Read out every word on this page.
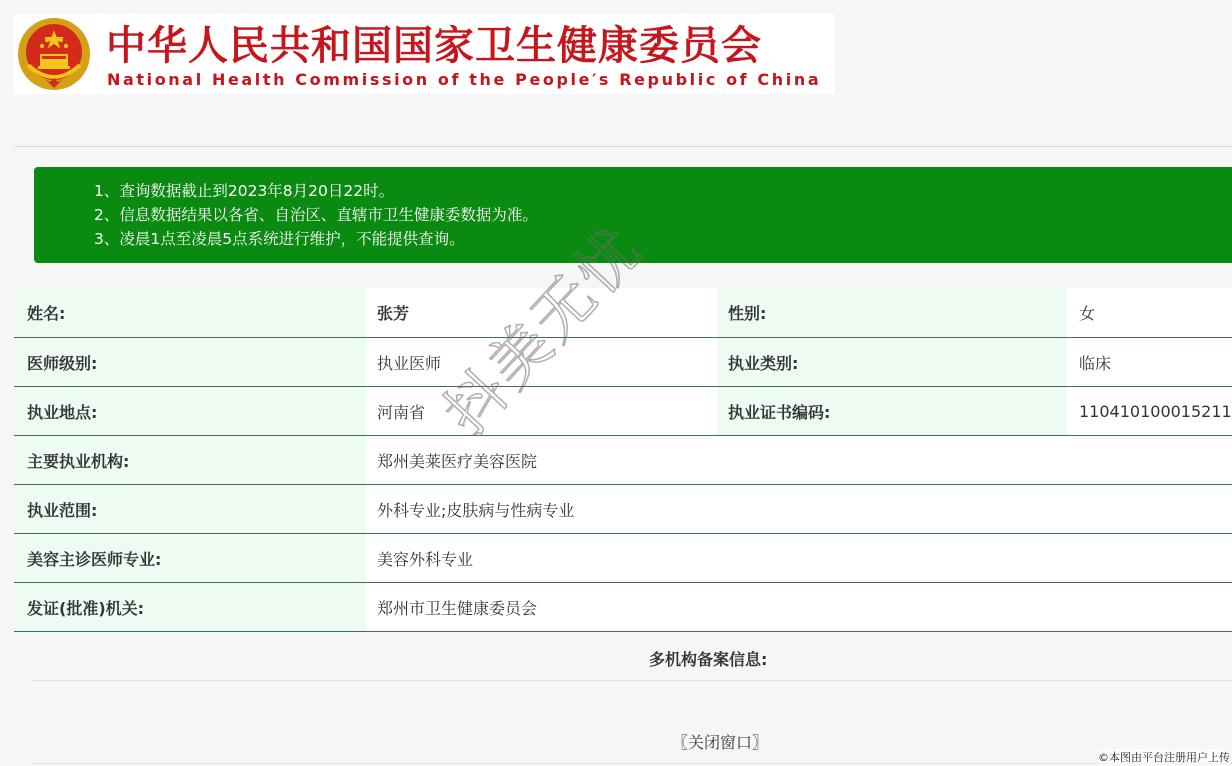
中华人民共和国国家卫生健康委员会
National Health Commission of the People′s Republic of China
1、查询数据截止到2023年8月20日22时。
2、信息数据结果以各省、自治区、直辖市卫生健康委数据为准。
3、凌晨1点至凌晨5点系统进行维护，不能提供查询。
姓名:	张芳	性别:	女
医师级别:	执业医师	执业类别:	临床
执业地点:	河南省	执业证书编码:	110410100015211
主要执业机构:	郑州美莱医疗美容医院
执业范围:	外科专业;皮肤病与性病专业
美容主诊医师专业:	美容外科专业
发证(批准)机关:	郑州市卫生健康委员会
多机构备案信息:
〖关闭窗口〗
©本图由平台注册用户上传
